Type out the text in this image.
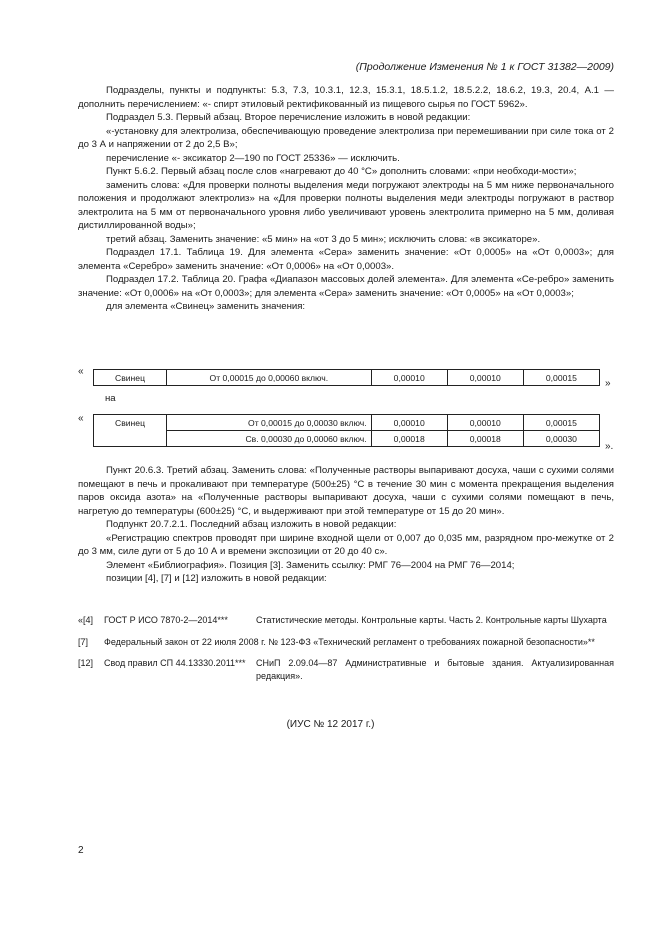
(Продолжение Изменения № 1 к ГОСТ 31382—2009)

Подразделы, пункты и подпункты: 5.3, 7.3, 10.3.1, 12.3, 15.3.1, 18.5.1.2, 18.5.2.2, 18.6.2, 19.3, 20.4, А.1 — дополнить перечислением: «- спирт этиловый ректификованный из пищевого сырья по ГОСТ 5962».

Подраздел 5.3. Первый абзац. Второе перечисление изложить в новой редакции:

«-установку для электролиза, обеспечивающую проведение электролиза при перемешивании при силе тока от 2 до 3 А и напряжении от 2 до 2,5 В»;

перечисление «- эксикатор 2—190 по ГОСТ 25336» — исключить.

Пункт 5.6.2. Первый абзац после слов «нагревают до 40 °С» дополнить словами: «при необходи-мости»;

заменить слова: «Для проверки полноты выделения меди погружают электроды на 5 мм ниже первоначального положения и продолжают электролиз» на «Для проверки полноты выделения меди электроды погружают в раствор электролита на 5 мм от первоначального уровня либо увеличивают уровень электролита примерно на 5 мм, доливая дистиллированной воды»;

третий абзац. Заменить значение: «5 мин» на «от 3 до 5 мин»; исключить слова: «в эксикаторе».

Подраздел 17.1. Таблица 19. Для элемента «Сера» заменить значение: «От 0,0005» на «От 0,0003»; для элемента «Серебро» заменить значение: «От 0,0006» на «От 0,0003».

Подраздел 17.2. Таблица 20. Графа «Диапазон массовых долей элемента». Для элемента «Се-ребро» заменить значение: «От 0,0006» на «От 0,0003»; для элемента «Сера» заменить значение: «От 0,0005» на «От 0,0003»;

для элемента «Свинец» заменить значения:

«
Свинец	От 0,00015 до 0,00060 включ.	0,00010	0,00010	0,00015
»
на
«	Свинец	От 0,00015 до 0,00030 включ.	0,00010	0,00010	0,00015
	Св. 0,00030 до 0,00060 включ.	0,00018	0,00018	0,00030
».

Пункт 20.6.3. Третий абзац. Заменить слова: «Полученные растворы выпаривают досуха, чаши с сухими солями помещают в печь и прокаливают при температуре (500±25) °С в течение 30 мин с момента прекращения выделения паров оксида азота» на «Полученные растворы выпаривают досуха, чаши с сухими солями помещают в печь, нагретую до температуры (600±25) °С, и выдерживают при этой температуре от 15 до 20 мин».

Подпункт 20.7.2.1. Последний абзац изложить в новой редакции:

«Регистрацию спектров проводят при ширине входной щели от 0,007 до 0,035 мм, разрядном про-межутке от 2 до 3 мм, силе дуги от 5 до 10 А и времени экспозиции от 20 до 40 с».

Элемент «Библиография». Позиция [3]. Заменить ссылку: РМГ 76—2004 на РМГ 76—2014;

позиции [4], [7] и [12] изложить в новой редакции:

«[4]	ГОСТ Р ИСО 7870-2—2014***	Статистические методы. Контрольные карты. Часть 2. Контрольные карты Шухарта
[7]	Федеральный закон от 22 июля 2008 г. № 123-ФЗ «Технический регламент о требованиях пожарной безопасности»**
[12]	Свод правил СП 44.13330.2011***	СНиП 2.09.04—87 Административные и бытовые здания. Актуализированная редакция».
(ИУС № 12 2017 г.)
2
